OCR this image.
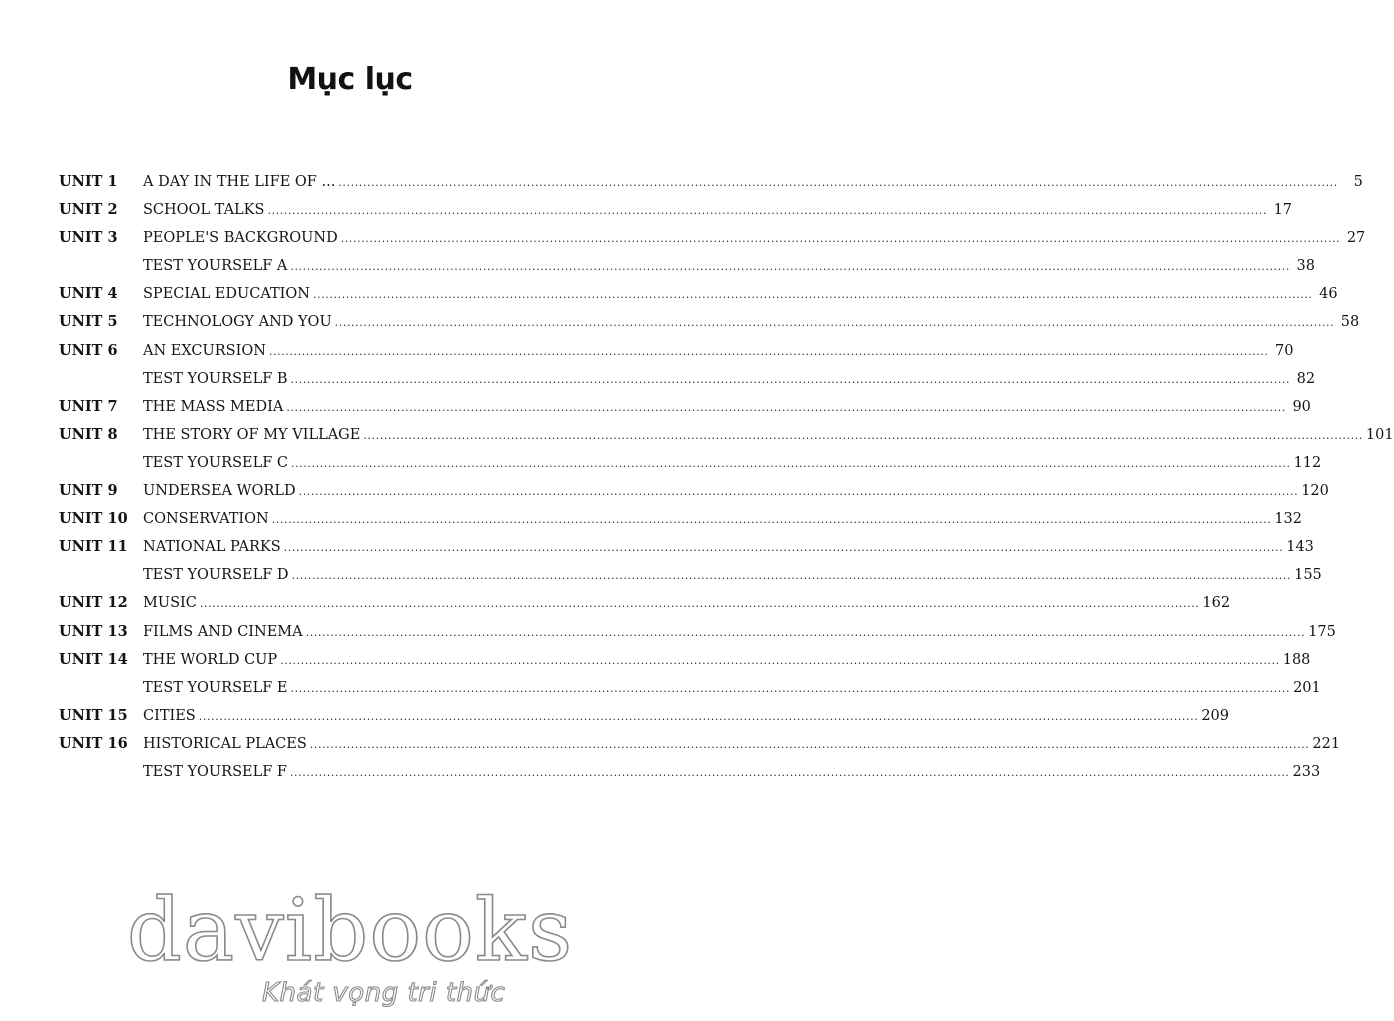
Mục lục
UNIT 1	A DAY IN THE LIFE OF ... .....	5
UNIT 2	SCHOOL TALKS .....	17
UNIT 3	PEOPLE'S BACKGROUND .....	27
TEST YOURSELF A .....	38
UNIT 4	SPECIAL EDUCATION .....	46
UNIT 5	TECHNOLOGY AND YOU .....	58
UNIT 6	AN EXCURSION .....	70
TEST YOURSELF B .....	82
UNIT 7	THE MASS MEDIA .....	90
UNIT 8	THE STORY OF MY VILLAGE .....	101
TEST YOURSELF C .....	112
UNIT 9	UNDERSEA WORLD .....	120
UNIT 10	CONSERVATION .....	132
UNIT 11	NATIONAL PARKS .....	143
TEST YOURSELF D .....	155
UNIT 12	MUSIC .....	162
UNIT 13	FILMS AND CINEMA .....	175
UNIT 14	THE WORLD CUP .....	188
TEST YOURSELF E .....	201
UNIT 15	CITIES .....	209
UNIT 16	HISTORICAL PLACES .....	221
TEST YOURSELF F .....	233
davibooks
Khát vọng tri thức
